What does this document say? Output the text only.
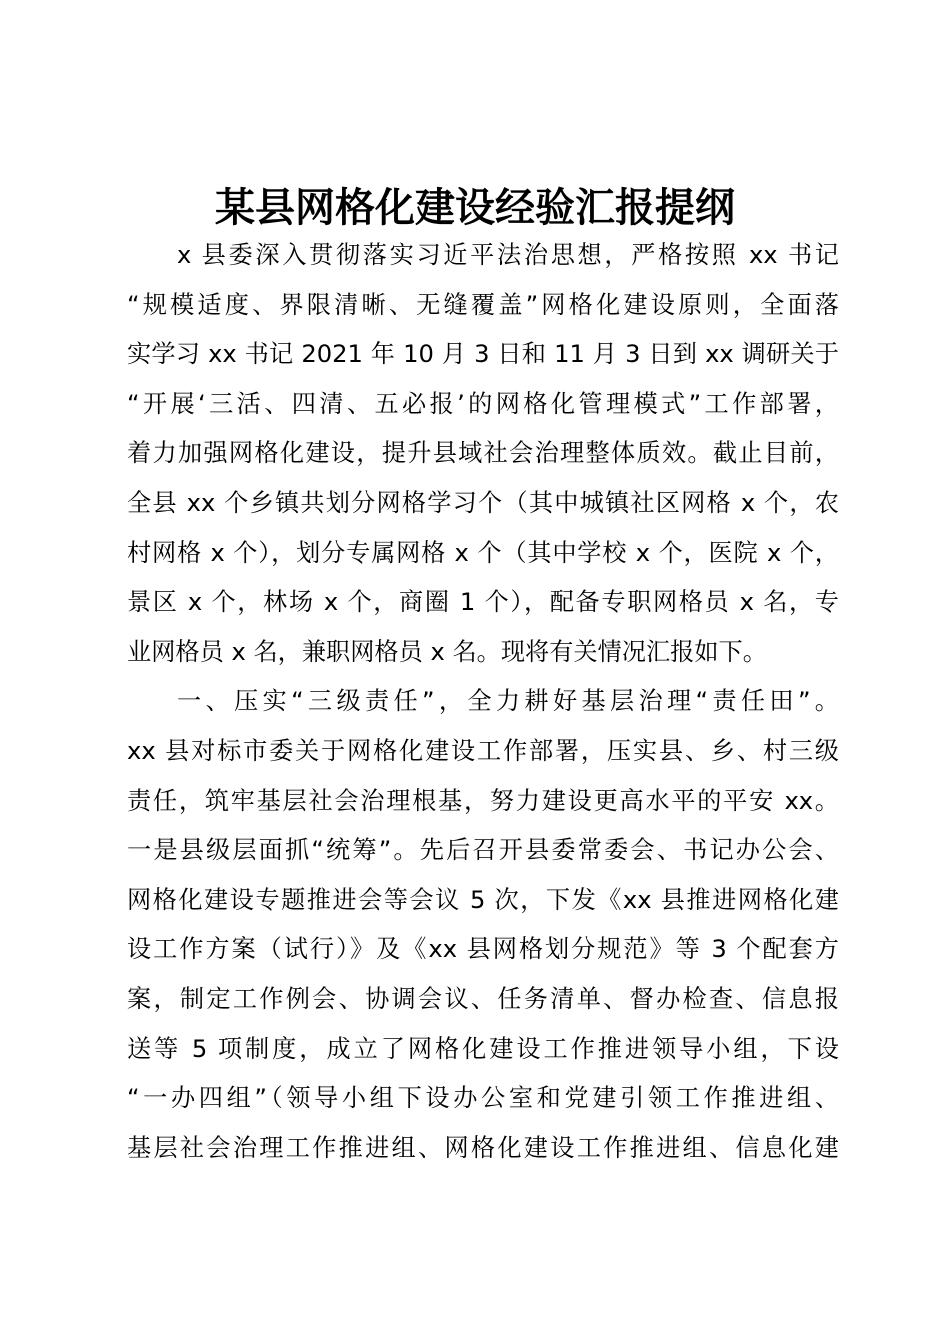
某县网格化建设经验汇报提纲
x 县委深入贯彻落实习近平法治思想，严格按照 xx 书记
“规模适度、界限清晰、无缝覆盖”网格化建设原则，全面落
实学习 xx 书记 2021 年 10 月 3 日和 11 月 3 日到 xx 调研关于
“开展‘三活、四清、五必报’的网格化管理模式”工作部署，
着力加强网格化建设，提升县域社会治理整体质效。截止目前，
全县 xx 个乡镇共划分网格学习个（其中城镇社区网格 x 个，农
村网格 x 个），划分专属网格 x 个（其中学校 x 个，医院 x 个，
景区 x 个，林场 x 个，商圈 1 个），配备专职网格员 x 名，专
业网格员 x 名，兼职网格员 x 名。现将有关情况汇报如下。
一、压实“三级责任”，全力耕好基层治理“责任田”。
xx 县对标市委关于网格化建设工作部署，压实县、乡、村三级
责任，筑牢基层社会治理根基，努力建设更高水平的平安 xx。
一是县级层面抓“统筹”。先后召开县委常委会、书记办公会、
网格化建设专题推进会等会议 5 次，下发《xx 县推进网格化建
设工作方案（试行）》及《xx 县网格划分规范》等 3 个配套方
案，制定工作例会、协调会议、任务清单、督办检查、信息报
送等 5 项制度，成立了网格化建设工作推进领导小组，下设
“一办四组”（领导小组下设办公室和党建引领工作推进组、
基层社会治理工作推进组、网格化建设工作推进组、信息化建
